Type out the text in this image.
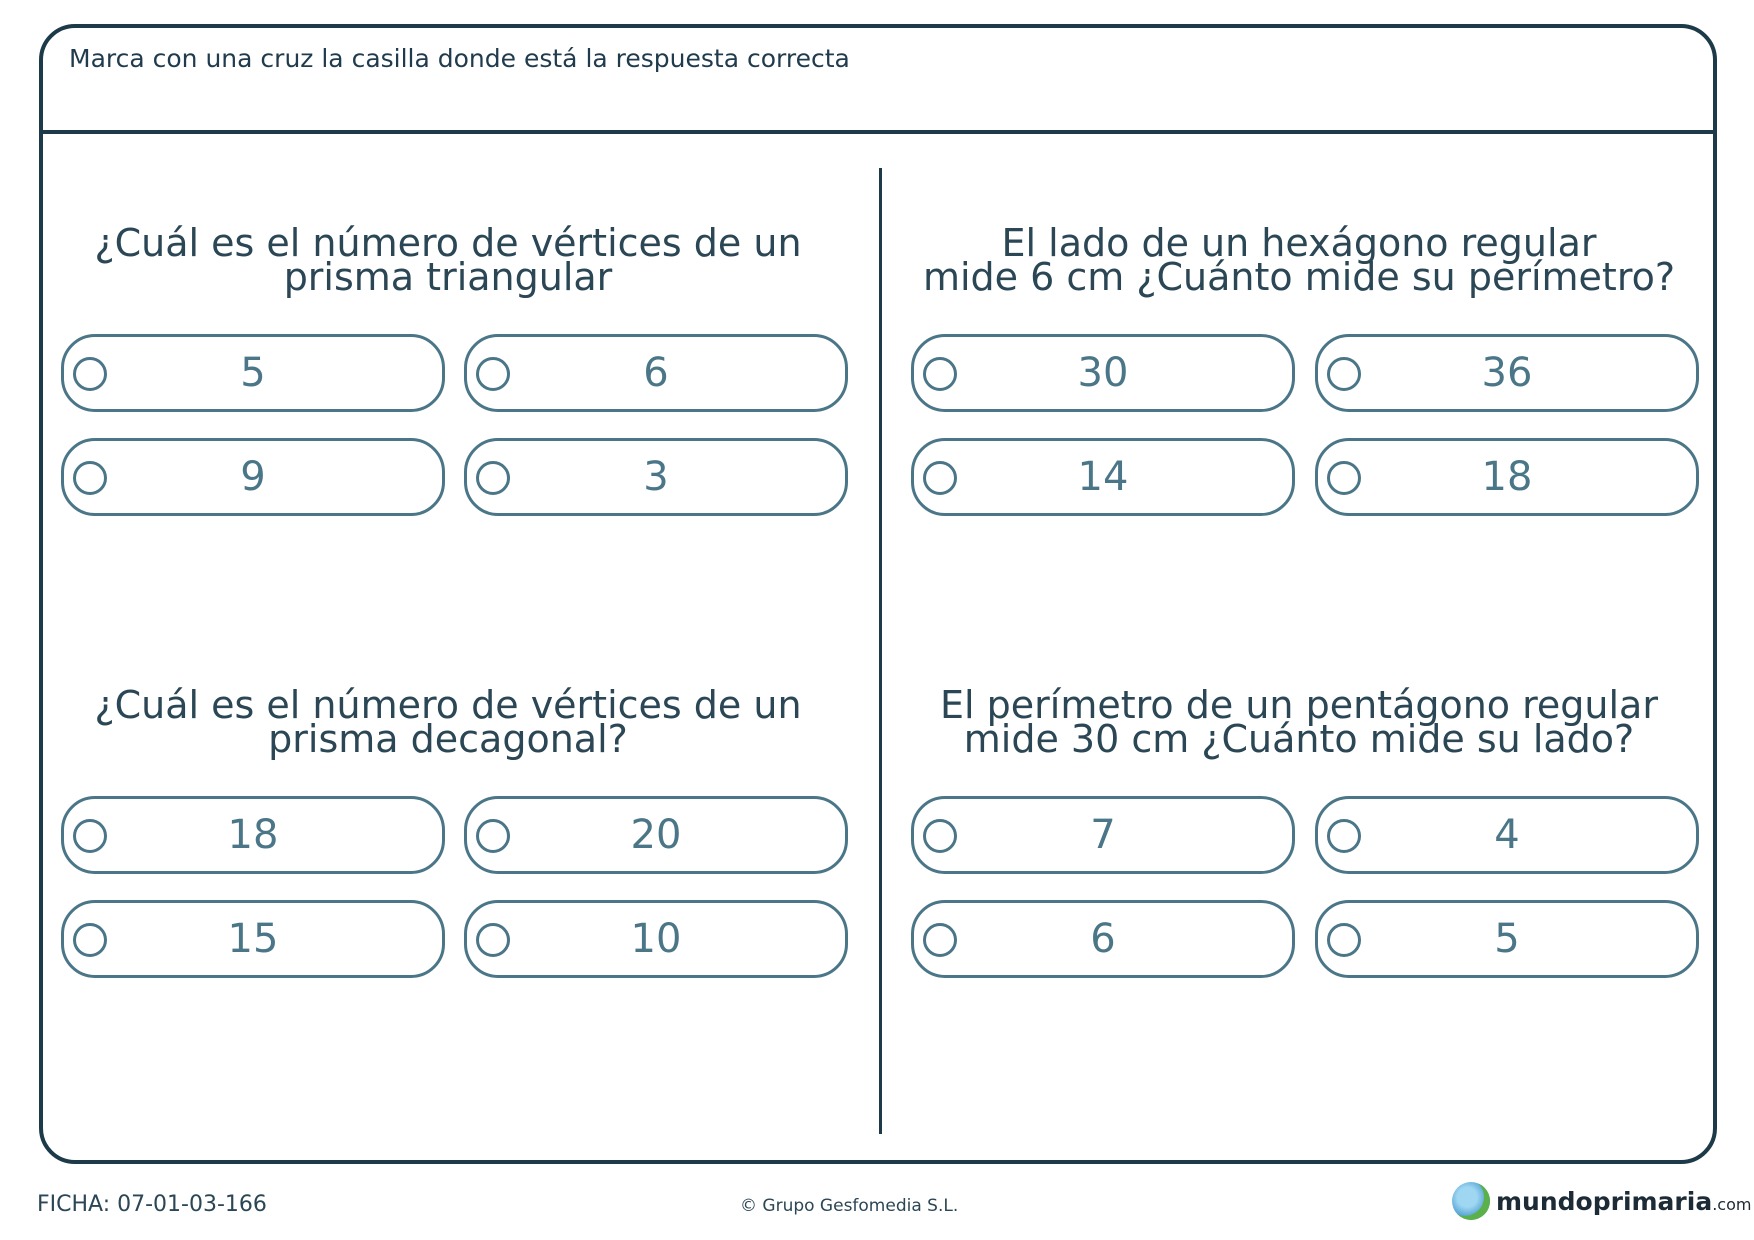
Marca con una cruz la casilla donde está la respuesta correcta
¿Cuál es el número de vértices de un
prisma triangular
5	6
9	3
El lado de un hexágono regular
mide 6 cm ¿Cuánto mide su perímetro?
30	36
14	18
¿Cuál es el número de vértices de un
prisma decagonal?
18	20
15	10
El perímetro de un pentágono regular
mide 30 cm ¿Cuánto mide su lado?
7	4
6	5
FICHA: 07-01-03-166	© Grupo Gesfomedia S.L.	mundoprimaria.com
